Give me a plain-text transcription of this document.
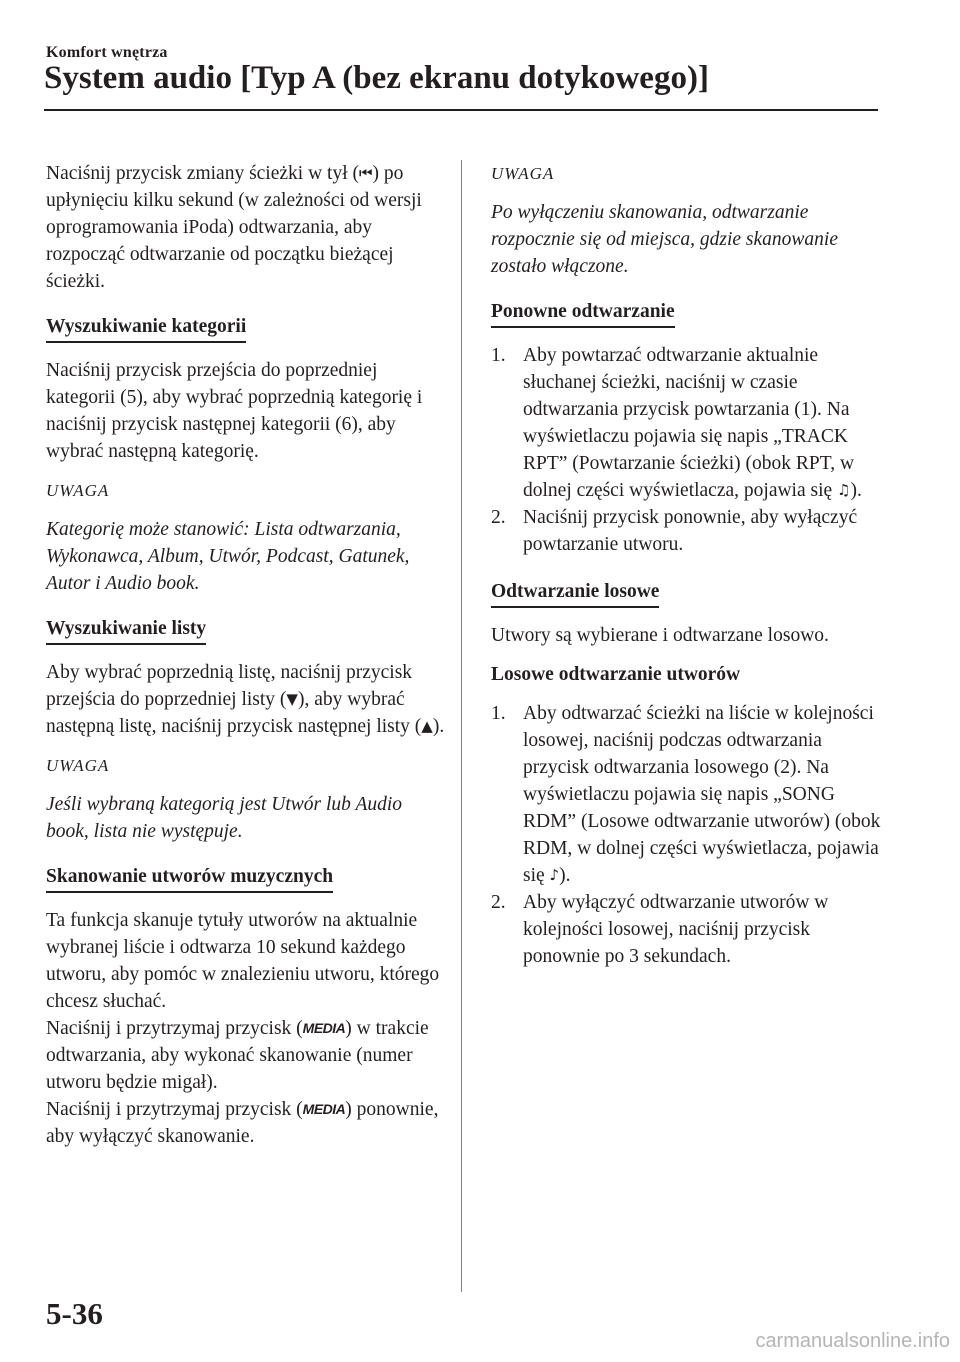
Komfort wnętrza
System audio [Typ A (bez ekranu dotykowego)]

Naciśnij przycisk zmiany ścieżki w tył (⏮) po upłynięciu kilku sekund (w zależności od wersji oprogramowania iPoda) odtwarzania, aby rozpocząć odtwarzanie od początku bieżącej ścieżki.

Wyszukiwanie kategorii

Naciśnij przycisk przejścia do poprzedniej kategorii (5), aby wybrać poprzednią kategorię i naciśnij przycisk następnej kategorii (6), aby wybrać następną kategorię.

UWAGA

Kategorię może stanowić: Lista odtwarzania, Wykonawca, Album, Utwór, Podcast, Gatunek, Autor i Audio book.

Wyszukiwanie listy

Aby wybrać poprzednią listę, naciśnij przycisk przejścia do poprzedniej listy (▼), aby wybrać następną listę, naciśnij przycisk następnej listy (▲).

UWAGA

Jeśli wybraną kategorią jest Utwór lub Audio book, lista nie występuje.

Skanowanie utworów muzycznych

Ta funkcja skanuje tytuły utworów na aktualnie wybranej liście i odtwarza 10 sekund każdego utworu, aby pomóc w znalezieniu utworu, którego chcesz słuchać.

Naciśnij i przytrzymaj przycisk (MEDIA) w trakcie odtwarzania, aby wykonać skanowanie (numer utworu będzie migał).

Naciśnij i przytrzymaj przycisk (MEDIA) ponownie, aby wyłączyć skanowanie.

UWAGA

Po wyłączeniu skanowania, odtwarzanie rozpocznie się od miejsca, gdzie skanowanie zostało włączone.

Ponowne odtwarzanie
1. Aby powtarzać odtwarzanie aktualnie słuchanej ścieżki, naciśnij w czasie odtwarzania przycisk powtarzania (1). Na wyświetlaczu pojawia się napis „TRACK RPT” (Powtarzanie ścieżki) (obok RPT, w dolnej części wyświetlacza, pojawia się ♫).
2. Naciśnij przycisk ponownie, aby wyłączyć powtarzanie utworu.
Odtwarzanie losowe

Utwory są wybierane i odtwarzane losowo.

Losowe odtwarzanie utworów
1. Aby odtwarzać ścieżki na liście w kolejności losowej, naciśnij podczas odtwarzania przycisk odtwarzania losowego (2). Na wyświetlaczu pojawia się napis „SONG RDM” (Losowe odtwarzanie utworów) (obok RDM, w dolnej części wyświetlacza, pojawia się ♪).
2. Aby wyłączyć odtwarzanie utworów w kolejności losowej, naciśnij przycisk ponownie po 3 sekundach.
5-36
carmanualsonline.info
